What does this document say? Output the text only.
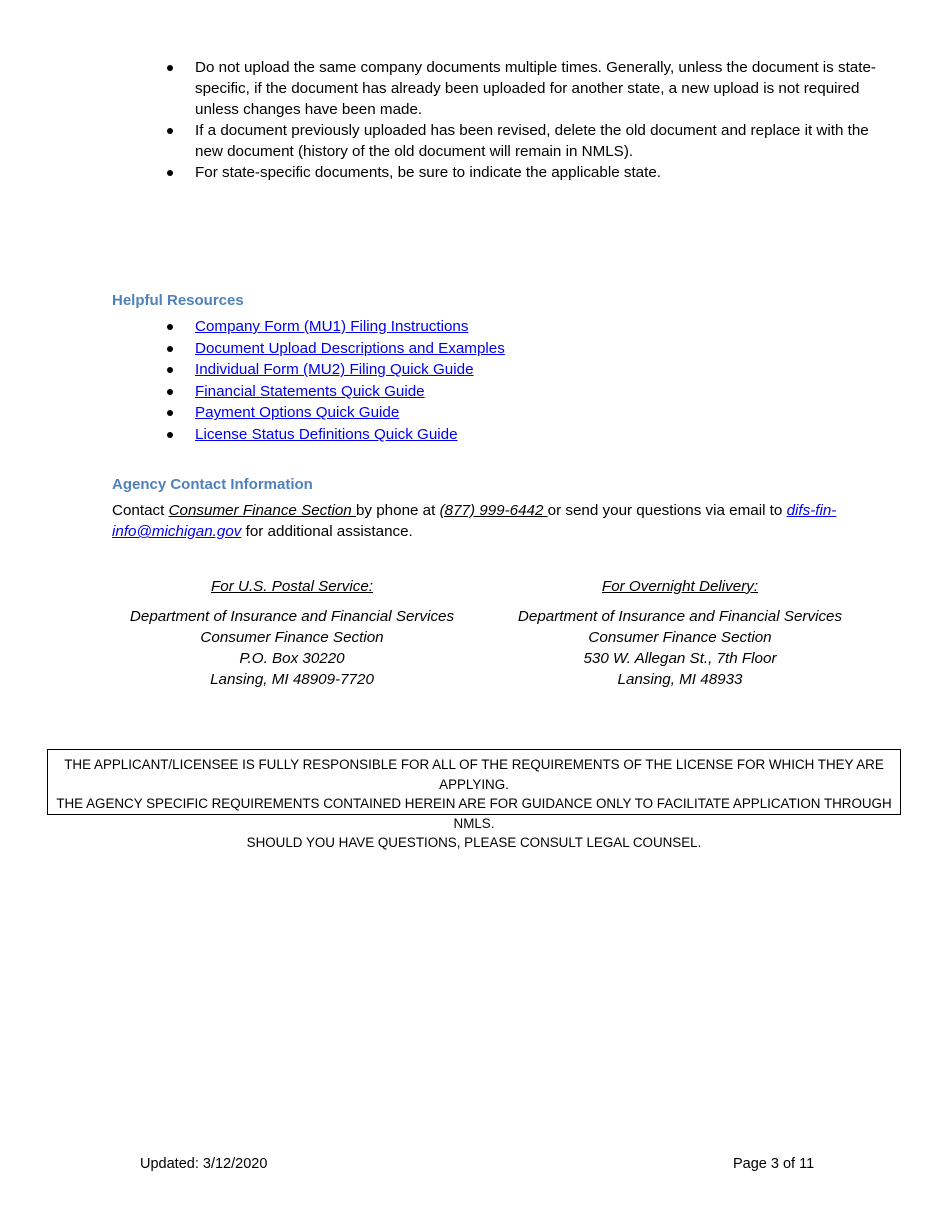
Do not upload the same company documents multiple times. Generally, unless the document is state-specific, if the document has already been uploaded for another state, a new upload is not required unless changes have been made.
If a document previously uploaded has been revised, delete the old document and replace it with the new document (history of the old document will remain in NMLS).
For state-specific documents, be sure to indicate the applicable state.
Helpful Resources
Company Form (MU1) Filing Instructions
Document Upload Descriptions and Examples
Individual Form (MU2) Filing Quick Guide
Financial Statements Quick Guide
Payment Options Quick Guide
License Status Definitions Quick Guide
Agency Contact Information
Contact Consumer Finance Section by phone at (877) 999-6442 or send your questions via email to difs-fin-info@michigan.gov for additional assistance.
For U.S. Postal Service:
Department of Insurance and Financial Services
Consumer Finance Section
P.O. Box 30220
Lansing, MI 48909-7720
For Overnight Delivery:
Department of Insurance and Financial Services
Consumer Finance Section
530 W. Allegan St., 7th Floor
Lansing, MI 48933
THE APPLICANT/LICENSEE IS FULLY RESPONSIBLE FOR ALL OF THE REQUIREMENTS OF THE LICENSE FOR WHICH THEY ARE APPLYING.
THE AGENCY SPECIFIC REQUIREMENTS CONTAINED HEREIN ARE FOR GUIDANCE ONLY TO FACILITATE APPLICATION THROUGH NMLS.
SHOULD YOU HAVE QUESTIONS, PLEASE CONSULT LEGAL COUNSEL.
Updated: 3/12/2020	Page 3 of 11
